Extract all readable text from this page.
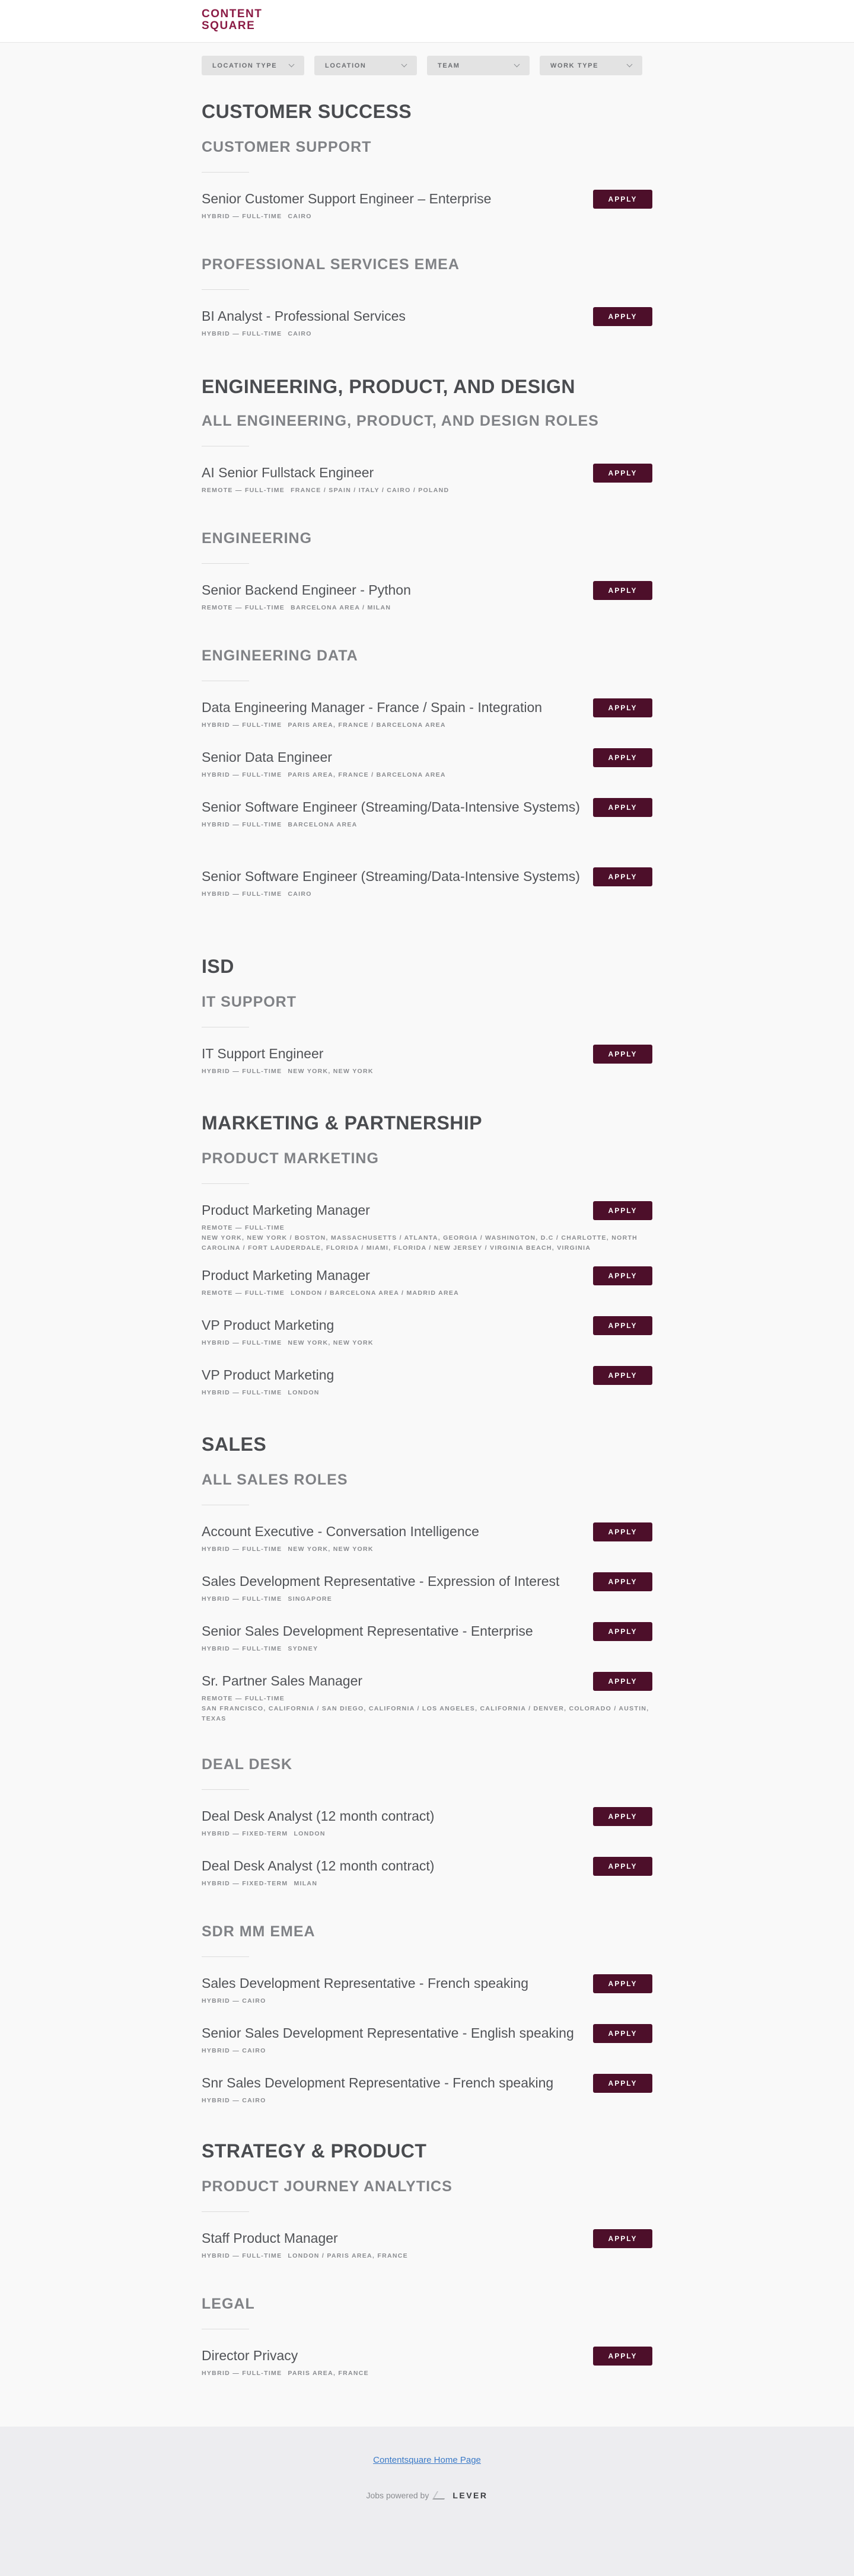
CONTENT
SQUARE
LOCATION TYPE	LOCATION	TEAM	WORK TYPE
CUSTOMER SUCCESS
CUSTOMER SUPPORT
Senior Customer Support Engineer – Enterprise
HYBRID — FULL-TIME CAIRO
APPLY
PROFESSIONAL SERVICES EMEA
BI Analyst - Professional Services
HYBRID — FULL-TIME CAIRO
APPLY
ENGINEERING, PRODUCT, AND DESIGN
ALL ENGINEERING, PRODUCT, AND DESIGN ROLES
AI Senior Fullstack Engineer
REMOTE — FULL-TIME FRANCE / SPAIN / ITALY / CAIRO / POLAND
APPLY
ENGINEERING
Senior Backend Engineer - Python
REMOTE — FULL-TIME BARCELONA AREA / MILAN
APPLY
ENGINEERING DATA
Data Engineering Manager - France / Spain - Integration
HYBRID — FULL-TIME PARIS AREA, FRANCE / BARCELONA AREA
APPLY
Senior Data Engineer
HYBRID — FULL-TIME PARIS AREA, FRANCE / BARCELONA AREA
APPLY
Senior Software Engineer (Streaming/Data-Intensive Systems)
HYBRID — FULL-TIME BARCELONA AREA
APPLY
Senior Software Engineer (Streaming/Data-Intensive Systems)
HYBRID — FULL-TIME CAIRO
APPLY
ISD
IT SUPPORT
IT Support Engineer
HYBRID — FULL-TIME NEW YORK, NEW YORK
APPLY
MARKETING & PARTNERSHIP
PRODUCT MARKETING
Product Marketing Manager
REMOTE — FULL-TIME
NEW YORK, NEW YORK / BOSTON, MASSACHUSETTS / ATLANTA, GEORGIA / WASHINGTON, D.C / CHARLOTTE, NORTH CAROLINA / FORT LAUDERDALE, FLORIDA / MIAMI, FLORIDA / NEW JERSEY / VIRGINIA BEACH, VIRGINIA
APPLY
Product Marketing Manager
REMOTE — FULL-TIME LONDON / BARCELONA AREA / MADRID AREA
APPLY
VP Product Marketing
HYBRID — FULL-TIME NEW YORK, NEW YORK
APPLY
VP Product Marketing
HYBRID — FULL-TIME LONDON
APPLY
SALES
ALL SALES ROLES
Account Executive - Conversation Intelligence
HYBRID — FULL-TIME NEW YORK, NEW YORK
APPLY
Sales Development Representative - Expression of Interest
HYBRID — FULL-TIME SINGAPORE
APPLY
Senior Sales Development Representative - Enterprise
HYBRID — FULL-TIME SYDNEY
APPLY
Sr. Partner Sales Manager
REMOTE — FULL-TIME
SAN FRANCISCO, CALIFORNIA / SAN DIEGO, CALIFORNIA / LOS ANGELES, CALIFORNIA / DENVER, COLORADO / AUSTIN, TEXAS
APPLY
DEAL DESK
Deal Desk Analyst (12 month contract)
HYBRID — FIXED-TERM LONDON
APPLY
Deal Desk Analyst (12 month contract)
HYBRID — FIXED-TERM MILAN
APPLY
SDR MM EMEA
Sales Development Representative - French speaking
HYBRID — CAIRO
APPLY
Senior Sales Development Representative - English speaking
HYBRID — CAIRO
APPLY
Snr Sales Development Representative - French speaking
HYBRID — CAIRO
APPLY
STRATEGY & PRODUCT
PRODUCT JOURNEY ANALYTICS
Staff Product Manager
HYBRID — FULL-TIME LONDON / PARIS AREA, FRANCE
APPLY
LEGAL
Director Privacy
HYBRID — FULL-TIME PARIS AREA, FRANCE
APPLY
Contentsquare Home Page
Jobs powered by	LEVER
